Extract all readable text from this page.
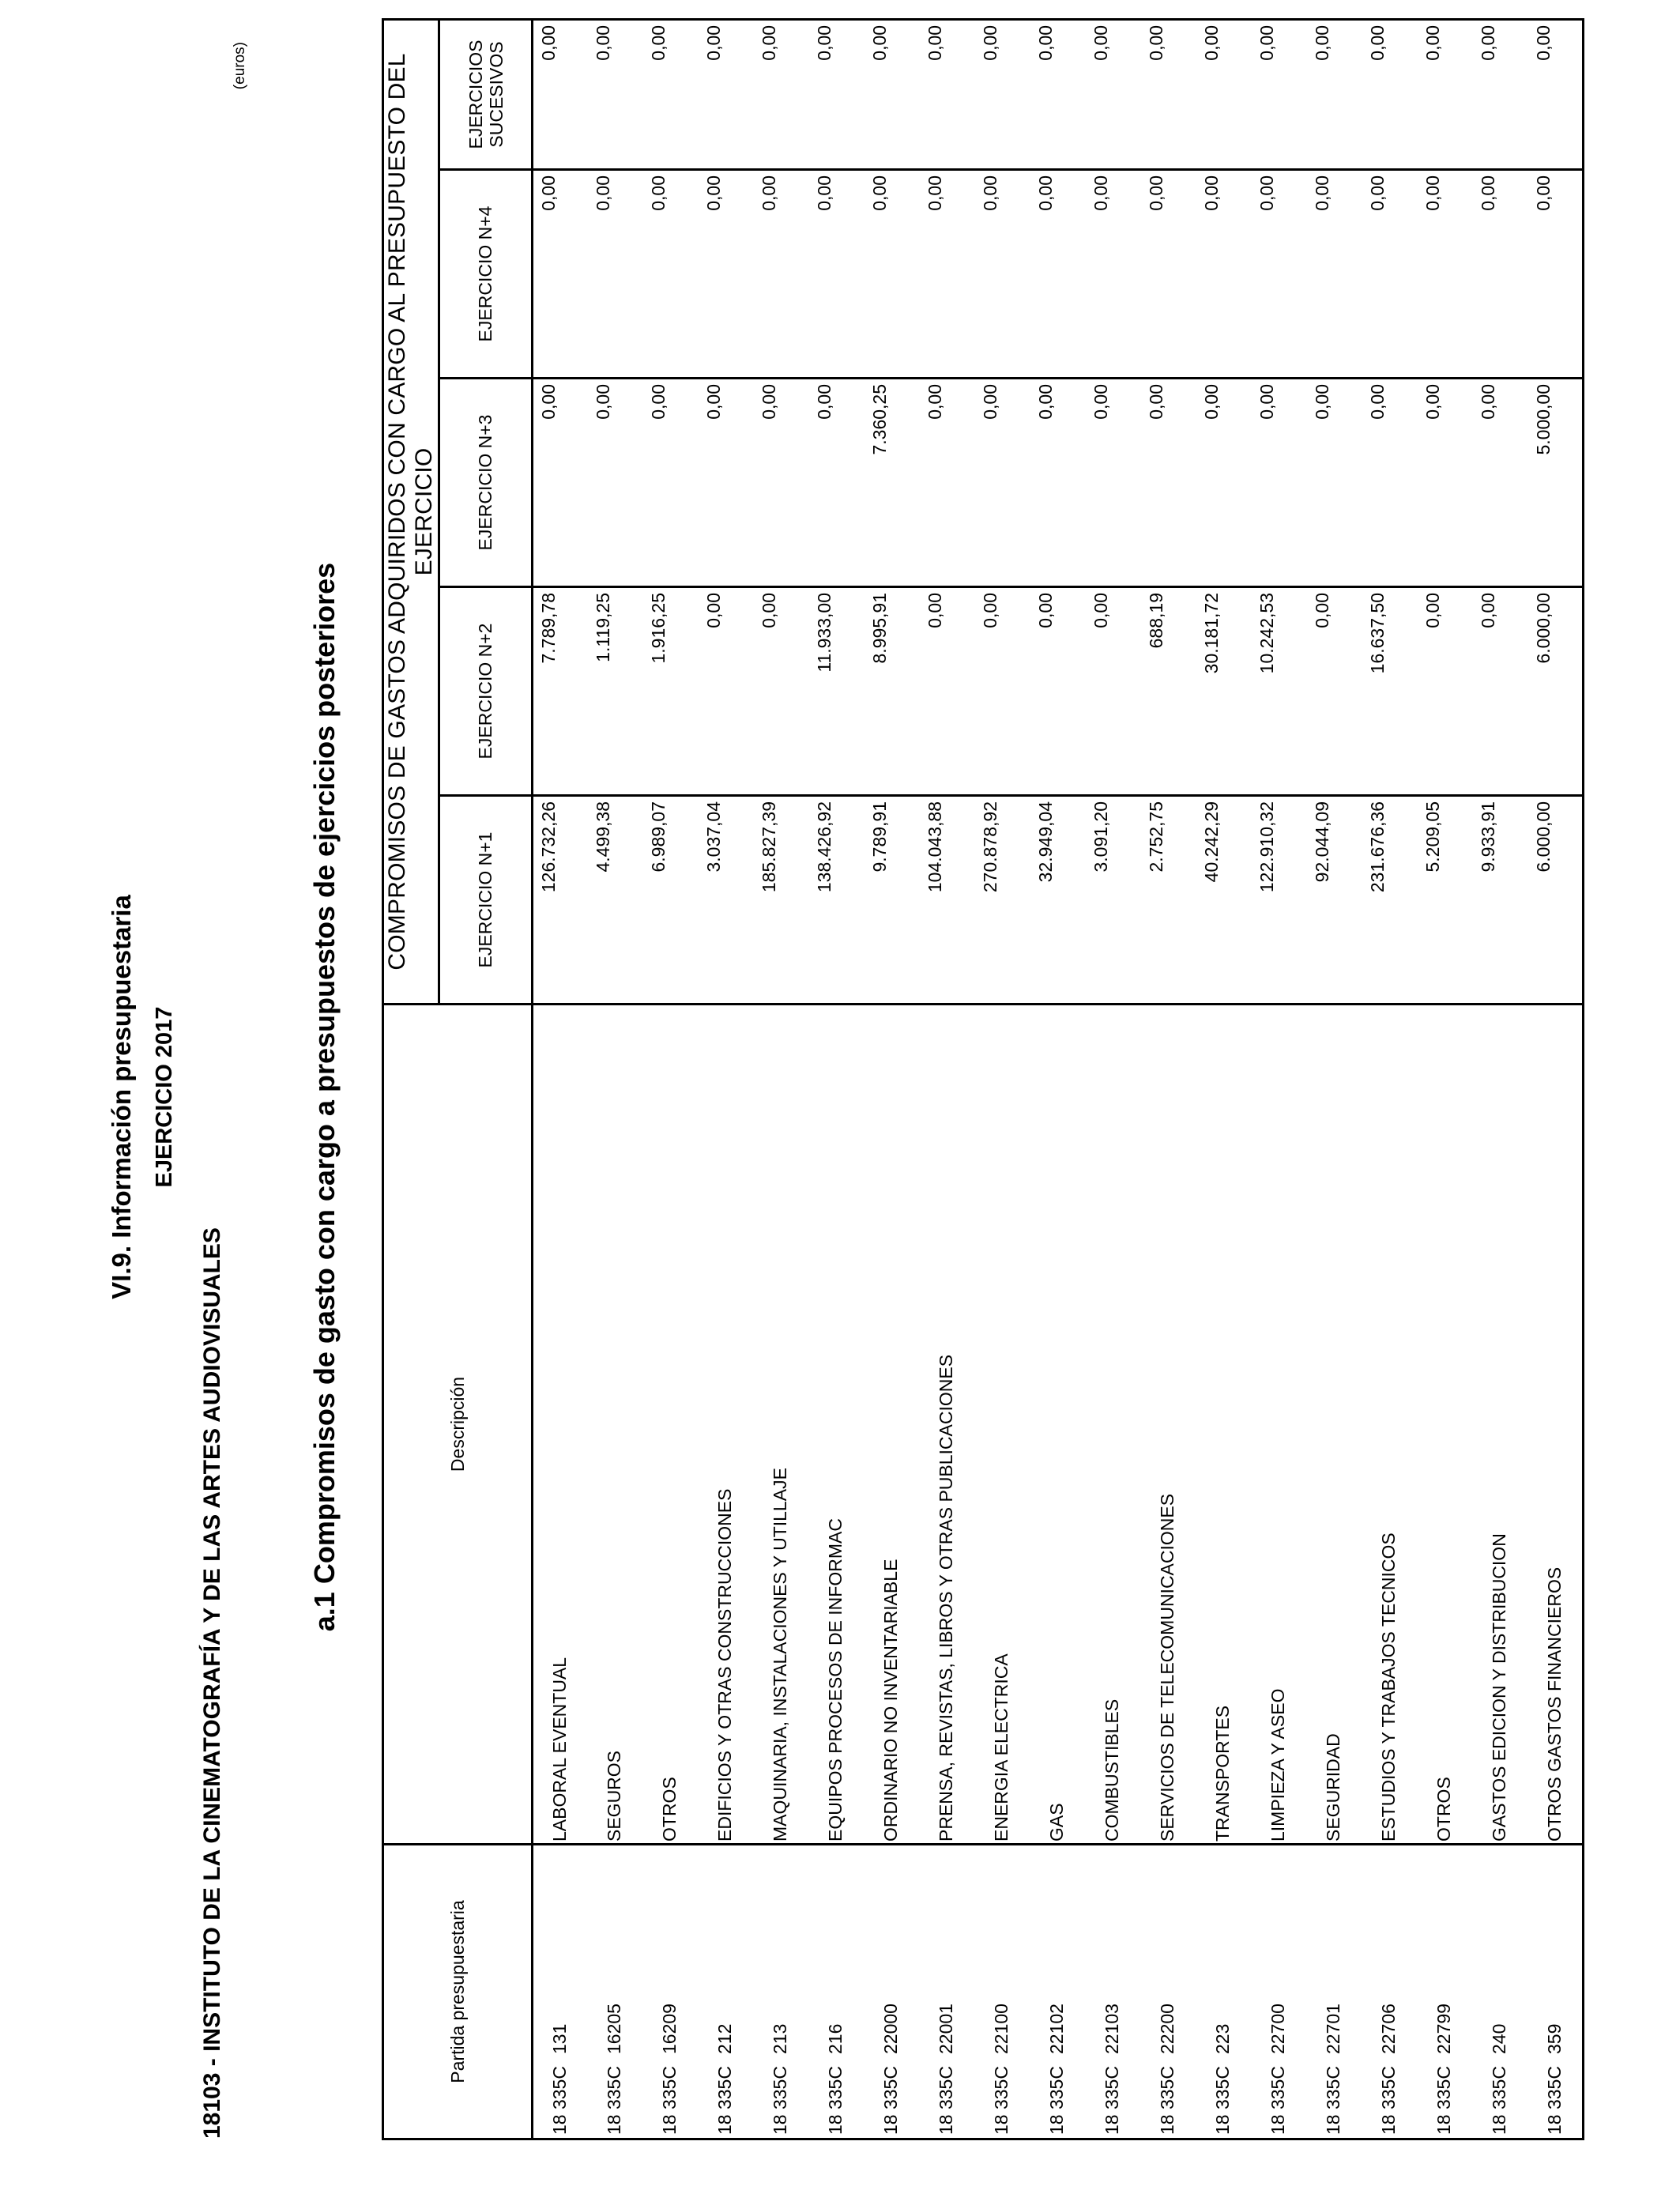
VI.9. Información presupuestaria EJERCICIO 2017
18103 - INSTITUTO DE LA CINEMATOGRAFÍA Y DE LAS ARTES AUDIOVISUALES
a.1 Compromisos de gasto con cargo a presupuestos de ejercicios posteriores
(euros)
Partida presupuestaria	Descripción	COMPROMISOS DE GASTOS ADQUIRIDOS CON CARGO AL PRESUPUESTO DEL EJERCICIO				
		EJERCICIO N+1	EJERCICIO N+2	EJERCICIO N+3	EJERCICIO N+4	EJERCICIOS
SUCESIVOS
18 335C131	LABORAL EVENTUAL	126.732,26	7.789,78	0,00	0,00	0,00
18 335C16205	SEGUROS	4.499,38	1.119,25	0,00	0,00	0,00
18 335C16209	OTROS	6.989,07	1.916,25	0,00	0,00	0,00
18 335C212	EDIFICIOS Y OTRAS CONSTRUCCIONES	3.037,04	0,00	0,00	0,00	0,00
18 335C213	MAQUINARIA, INSTALACIONES Y UTILLAJE	185.827,39	0,00	0,00	0,00	0,00
18 335C216	EQUIPOS PROCESOS DE INFORMAC	138.426,92	11.933,00	0,00	0,00	0,00
18 335C22000	ORDINARIO NO INVENTARIABLE	9.789,91	8.995,91	7.360,25	0,00	0,00
18 335C22001	PRENSA, REVISTAS, LIBROS Y OTRAS PUBLICACIONES	104.043,88	0,00	0,00	0,00	0,00
18 335C22100	ENERGIA ELECTRICA	270.878,92	0,00	0,00	0,00	0,00
18 335C22102	GAS	32.949,04	0,00	0,00	0,00	0,00
18 335C22103	COMBUSTIBLES	3.091,20	0,00	0,00	0,00	0,00
18 335C22200	SERVICIOS DE TELECOMUNICACIONES	2.752,75	688,19	0,00	0,00	0,00
18 335C223	TRANSPORTES	40.242,29	30.181,72	0,00	0,00	0,00
18 335C22700	LIMPIEZA Y ASEO	122.910,32	10.242,53	0,00	0,00	0,00
18 335C22701	SEGURIDAD	92.044,09	0,00	0,00	0,00	0,00
18 335C22706	ESTUDIOS Y TRABAJOS TECNICOS	231.676,36	16.637,50	0,00	0,00	0,00
18 335C22799	OTROS	5.209,05	0,00	0,00	0,00	0,00
18 335C240	GASTOS EDICION Y DISTRIBUCION	9.933,91	0,00	0,00	0,00	0,00
18 335C359	OTROS GASTOS FINANCIEROS	6.000,00	6.000,00	5.000,00	0,00	0,00
